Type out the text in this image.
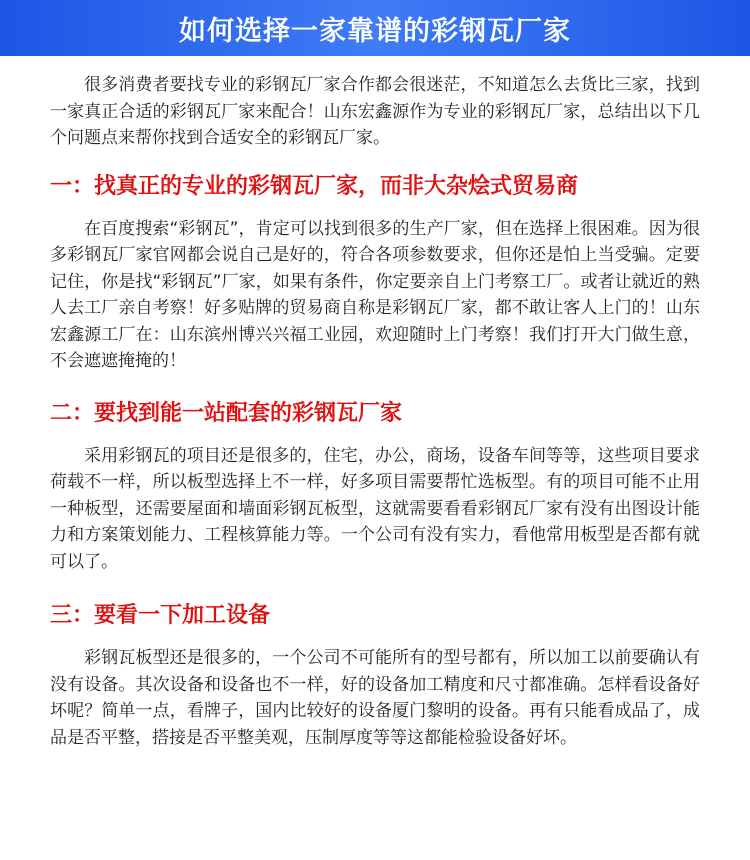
如何选择一家靠谱的彩钢瓦厂家

很多消费者要找专业的彩钢瓦厂家合作都会很迷茫，不知道怎么去货比三家，找到一家真正合适的彩钢瓦厂家来配合！山东宏鑫源作为专业的彩钢瓦厂家，总结出以下几个问题点来帮你找到合适安全的彩钢瓦厂家。

一：找真正的专业的彩钢瓦厂家，而非大杂烩式贸易商

在百度搜索“彩钢瓦”，肯定可以找到很多的生产厂家，但在选择上很困难。因为很多彩钢瓦厂家官网都会说自己是好的，符合各项参数要求，但你还是怕上当受骗。定要记住，你是找“彩钢瓦”厂家，如果有条件，你定要亲自上门考察工厂。或者让就近的熟人去工厂亲自考察！好多贴牌的贸易商自称是彩钢瓦厂家，都不敢让客人上门的！山东宏鑫源工厂在：山东滨州博兴兴福工业园，欢迎随时上门考察！我们打开大门做生意，不会遮遮掩掩的！

二：要找到能一站配套的彩钢瓦厂家

采用彩钢瓦的项目还是很多的，住宅，办公，商场，设备车间等等，这些项目要求荷载不一样，所以板型选择上不一样，好多项目需要帮忙选板型。有的项目可能不止用一种板型，还需要屋面和墙面彩钢瓦板型，这就需要看看彩钢瓦厂家有没有出图设计能力和方案策划能力、工程核算能力等。一个公司有没有实力，看他常用板型是否都有就可以了。

三：要看一下加工设备

彩钢瓦板型还是很多的，一个公司不可能所有的型号都有，所以加工以前要确认有没有设备。其次设备和设备也不一样，好的设备加工精度和尺寸都准确。怎样看设备好坏呢？简单一点，看牌子，国内比较好的设备厦门黎明的设备。再有只能看成品了，成品是否平整，搭接是否平整美观，压制厚度等等这都能检验设备好坏。
